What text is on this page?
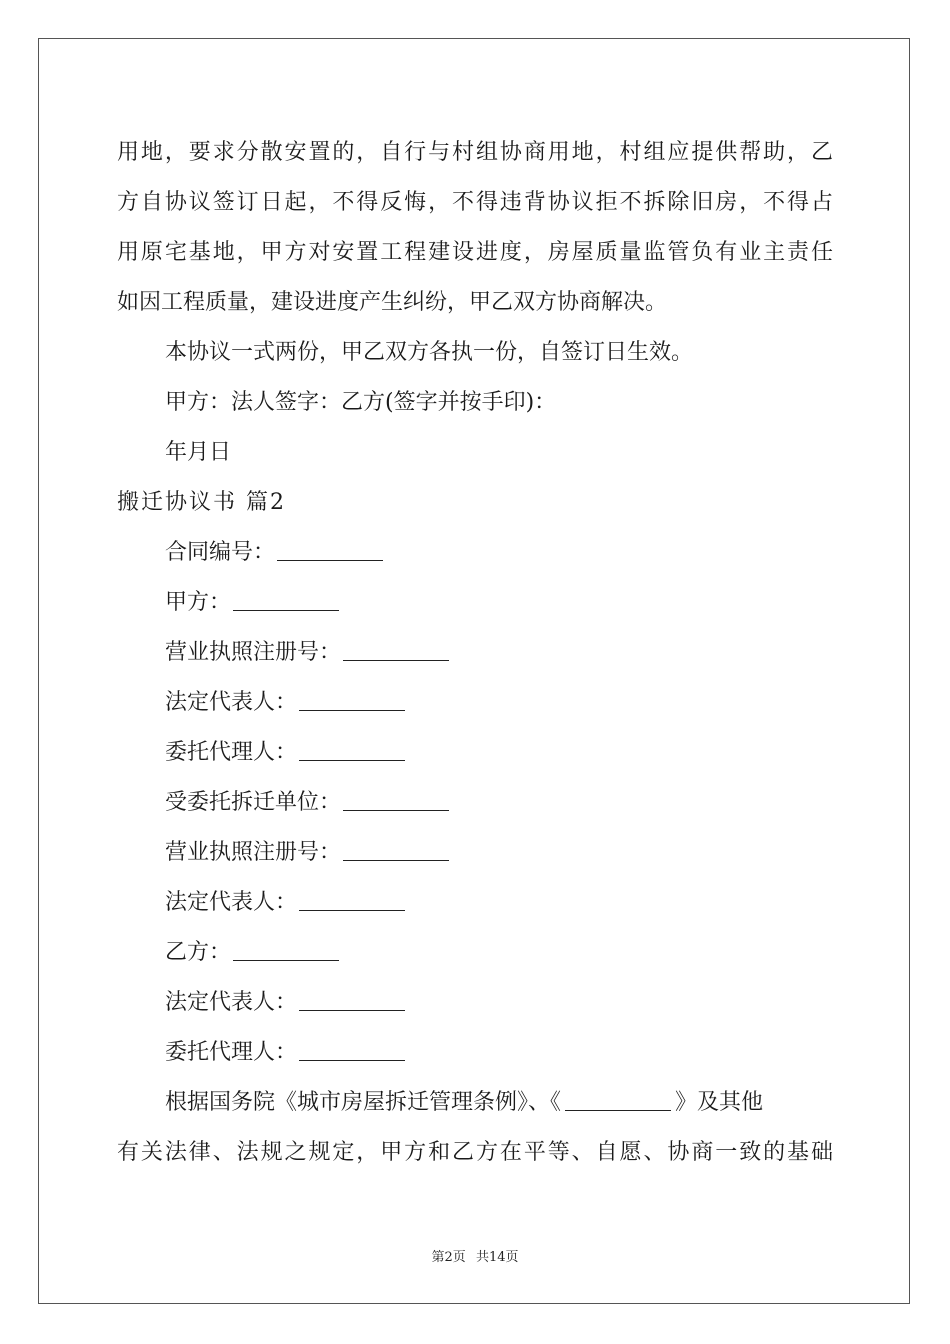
用地，要求分散安置的，自行与村组协商用地，村组应提供帮助，乙
方自协议签订日起，不得反悔，不得违背协议拒不拆除旧房，不得占
用原宅基地，甲方对安置工程建设进度，房屋质量监管负有业主责任
如因工程质量，建设进度产生纠纷，甲乙双方协商解决。
本协议一式两份，甲乙双方各执一份，自签订日生效。
甲方：法人签字：乙方(签字并按手印)：
年月日
搬迁协议书 篇2
合同编号：
甲方：
营业执照注册号：
法定代表人：
委托代理人：
受委托拆迁单位：
营业执照注册号：
法定代表人：
乙方：
法定代表人：
委托代理人：
根据国务院《城市房屋拆迁管理条例》、《	》及其他
有关法律、法规之规定，甲方和乙方在平等、自愿、协商一致的基础
第2页 共14页
